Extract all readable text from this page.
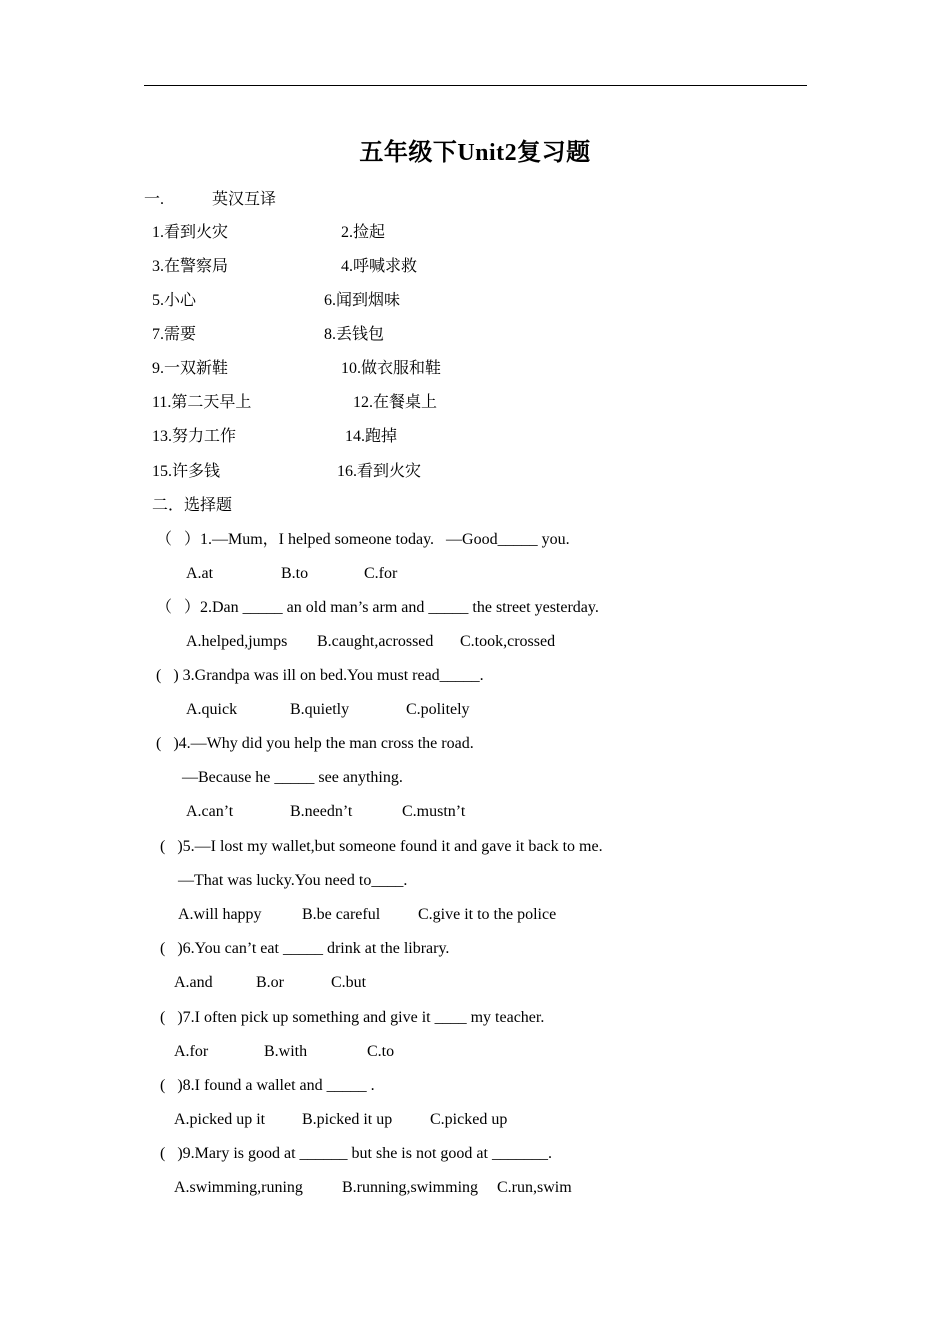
五年级下Unit2复习题
一.	英汉互译
1.看到火灾	2.捡起
3.在警察局	4.呼喊求救
5.小心	6.闻到烟味
7.需要	8.丢钱包
9.一双新鞋	10.做衣服和鞋
11.第二天早上	12.在餐桌上
13.努力工作	14.跑掉
15.许多钱	16.看到火灾
二．选择题
（   ）1.—Mum，I helped someone today.   —Good_____ you.
A.at	B.to	C.for
（   ）2.Dan _____ an old man’s arm and _____ the street yesterday.
A.helped,jumps B.caught,acrossed C.took,crossed
(   ) 3.Grandpa was ill on bed.You must read_____.
A.quick	B.quietly	C.politely
(   )4.—Why did you help the man cross the road.
—Because he _____ see anything.
A.can’t	B.needn’t	C.mustn’t
(   )5.—I lost my wallet,but someone found it and gave it back to me.
—That was lucky.You need to____.
A.will happy	B.be careful C.give it to the police
(   )6.You can’t eat _____ drink at the library.
A.and	B.or	C.but
(   )7.I often pick up something and give it ____ my teacher.
A.for	B.with	C.to
(   )8.I found a wallet and _____ .
A.picked up it B.picked it up C.picked up
(   )9.Mary is good at ______ but she is not good at _______.
A.swimming,runing B.running,swimming C.run,swim
